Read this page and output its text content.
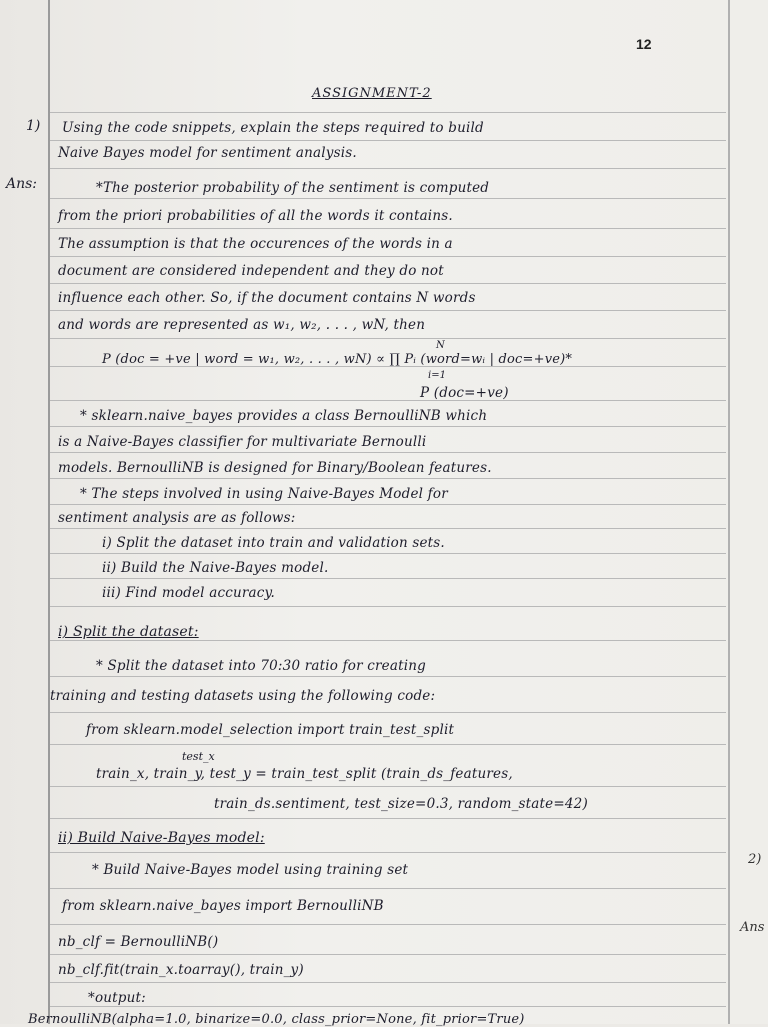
12
ASSIGNMENT-2
1) Using the code snippets, explain the steps required to build
Naive Bayes model for sentiment analysis.
Ans:	*The posterior probability of the sentiment is computed
from the priori probabilities of all the words it contains.
The assumption is that the occurences of the words in a
document are considered independent and they do not
influence each other. So, if the document contains N words
and words are represented as w₁, w₂, . . . , wN, then
N
P (doc = +ve | word = w₁, w₂, . . . , wN) ∝ ∏ Pᵢ (word=wᵢ | doc=+ve)*
i=1
P (doc=+ve)
* sklearn.naive_bayes provides a class BernoulliNB which
is a Naive-Bayes classifier for multivariate Bernoulli
models. BernoulliNB is designed for Binary/Boolean features.
* The steps involved in using Naive-Bayes Model for
sentiment analysis are as follows:
i) Split the dataset into train and validation sets.
ii) Build the Naive-Bayes model.
iii) Find model accuracy.
i) Split the dataset:
* Split the dataset into 70:30 ratio for creating
training and testing datasets using the following code:
from sklearn.model_selection import train_test_split
test_x
train_x, train_y, test_y = train_test_split (train_ds_features,
train_ds.sentiment, test_size=0.3, random_state=42)
ii) Build Naive-Bayes model:
* Build Naive-Bayes model using training set
from sklearn.naive_bayes import BernoulliNB
nb_clf = BernoulliNB()
nb_clf.fit(train_x.toarray(), train_y)
*output:
BernoulliNB(alpha=1.0, binarize=0.0, class_prior=None, fit_prior=True)
2)
Ans
